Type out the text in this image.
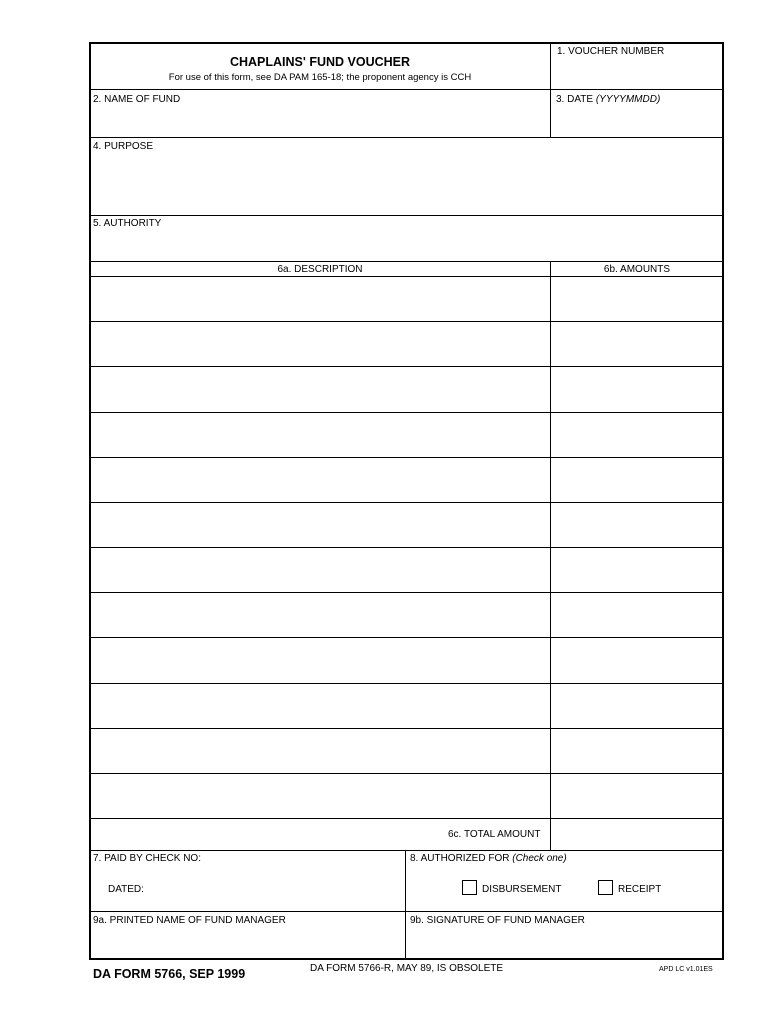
CHAPLAINS' FUND VOUCHER
For use of this form, see DA PAM 165-18; the proponent agency is CCH
1. VOUCHER NUMBER
2. NAME OF FUND	3. DATE (YYYYMMDD)
4. PURPOSE
5. AUTHORITY
6a. DESCRIPTION	6b. AMOUNTS
6c. TOTAL AMOUNT
7. PAID BY CHECK NO:
DATED:
8. AUTHORIZED FOR (Check one)
DISBURSEMENT	RECEIPT
9a. PRINTED NAME OF FUND MANAGER	9b. SIGNATURE OF FUND MANAGER
DA FORM 5766, SEP 1999	DA FORM 5766-R, MAY 89, IS OBSOLETE	APD LC v1.01ES
